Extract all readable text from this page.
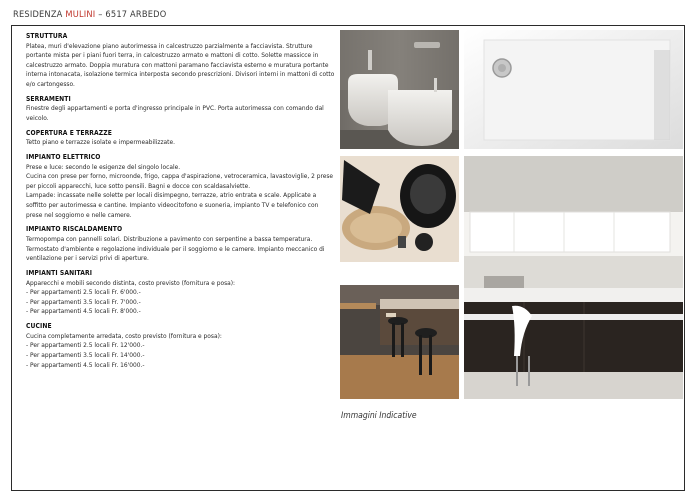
RESIDENZA MULINI – 6517 ARBEDO
STRUTTURA

Platea, muri d'elevazione piano autorimessa in calcestruzzo parzialmente a facciavista. Strutture portante mista per i piani fuori terra, in calcestruzzo armato e mattoni di cotto. Solette massicce in calcestruzzo armato. Doppia muratura con mattoni paramano facciavista esterno e muratura portante interna intonacata, isolazione termica interposta secondo prescrizioni. Divisori interni in mattoni di cotto e/o cartongesso.

SERRAMENTI

Finestre degli appartamenti e porta d'ingresso principale in PVC. Porta autorimessa con comando dal veicolo.

COPERTURA E TERRAZZE

Tetto piano e terrazze isolate e impermeabilizzate.

IMPIANTO ELETTRICO

Prese e luce: secondo le esigenze del singolo locale.

Cucina con prese per forno, microonde, frigo, cappa d'aspirazione, vetroceramica, lavastoviglie, 2 prese per piccoli apparecchi, luce sotto pensili. Bagni e docce con scaldasalviette.

Lampade: incassate nelle solette per locali disimpegno, terrazze, atrio entrata e scale. Applicate a soffitto per autorimessa e cantine. Impianto videocitofono e suoneria, impianto TV e telefonico con prese nel soggiorno e nelle camere.

IMPIANTO RISCALDAMENTO

Termopompa con pannelli solari. Distribuzione a pavimento con serpentine a bassa temperatura. Termostato d'ambiente e regolazione individuale per il soggiorno e le camere. Impianto meccanico di ventilazione per i servizi privi di aperture.

IMPIANTI SANITARI

Apparecchi e mobili secondo distinta, costo previsto (fornitura e posa):

- Per appartamenti 2.5 locali Fr. 6'000.-
- Per appartamenti 3.5 locali Fr. 7'000.-
- Per appartamenti 4.5 locali Fr. 8'000.-
CUCINE

Cucina completamente arredata, costo previsto (fornitura e posa):

- Per appartamenti 2.5 locali Fr. 12'000.-
- Per appartamenti 3.5 locali Fr. 14'000.-
- Per appartamenti 4.5 locali Fr. 16'000.-
Immagini Indicative
